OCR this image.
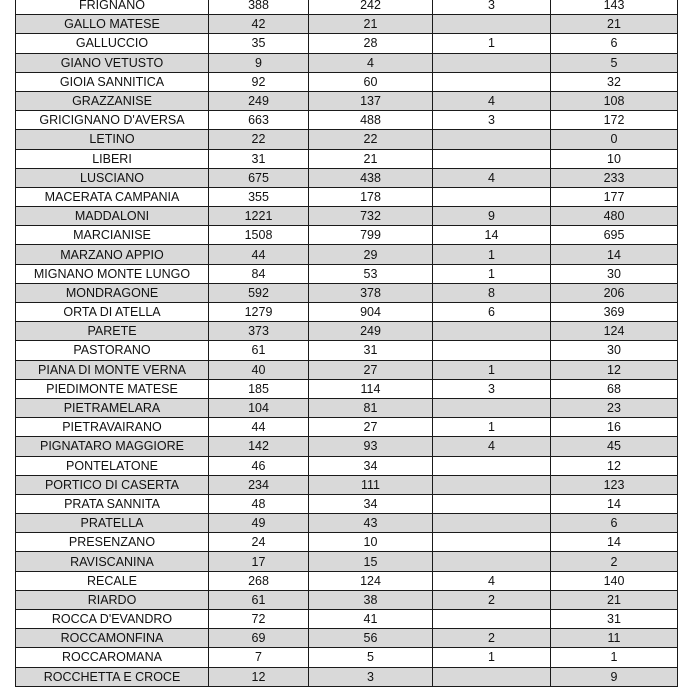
FRIGNANO	388	242	3	143
GALLO MATESE	42	21		21
GALLUCCIO	35	28	1	6
GIANO VETUSTO	9	4		5
GIOIA SANNITICA	92	60		32
GRAZZANISE	249	137	4	108
GRICIGNANO D'AVERSA	663	488	3	172
LETINO	22	22		0
LIBERI	31	21		10
LUSCIANO	675	438	4	233
MACERATA CAMPANIA	355	178		177
MADDALONI	1221	732	9	480
MARCIANISE	1508	799	14	695
MARZANO APPIO	44	29	1	14
MIGNANO MONTE LUNGO	84	53	1	30
MONDRAGONE	592	378	8	206
ORTA DI ATELLA	1279	904	6	369
PARETE	373	249		124
PASTORANO	61	31		30
PIANA DI MONTE VERNA	40	27	1	12
PIEDIMONTE MATESE	185	114	3	68
PIETRAMELARA	104	81		23
PIETRAVAIRANO	44	27	1	16
PIGNATARO MAGGIORE	142	93	4	45
PONTELATONE	46	34		12
PORTICO DI CASERTA	234	111		123
PRATA SANNITA	48	34		14
PRATELLA	49	43		6
PRESENZANO	24	10		14
RAVISCANINA	17	15		2
RECALE	268	124	4	140
RIARDO	61	38	2	21
ROCCA D'EVANDRO	72	41		31
ROCCAMONFINA	69	56	2	11
ROCCAROMANA	7	5	1	1
ROCCHETTA E CROCE	12	3		9
